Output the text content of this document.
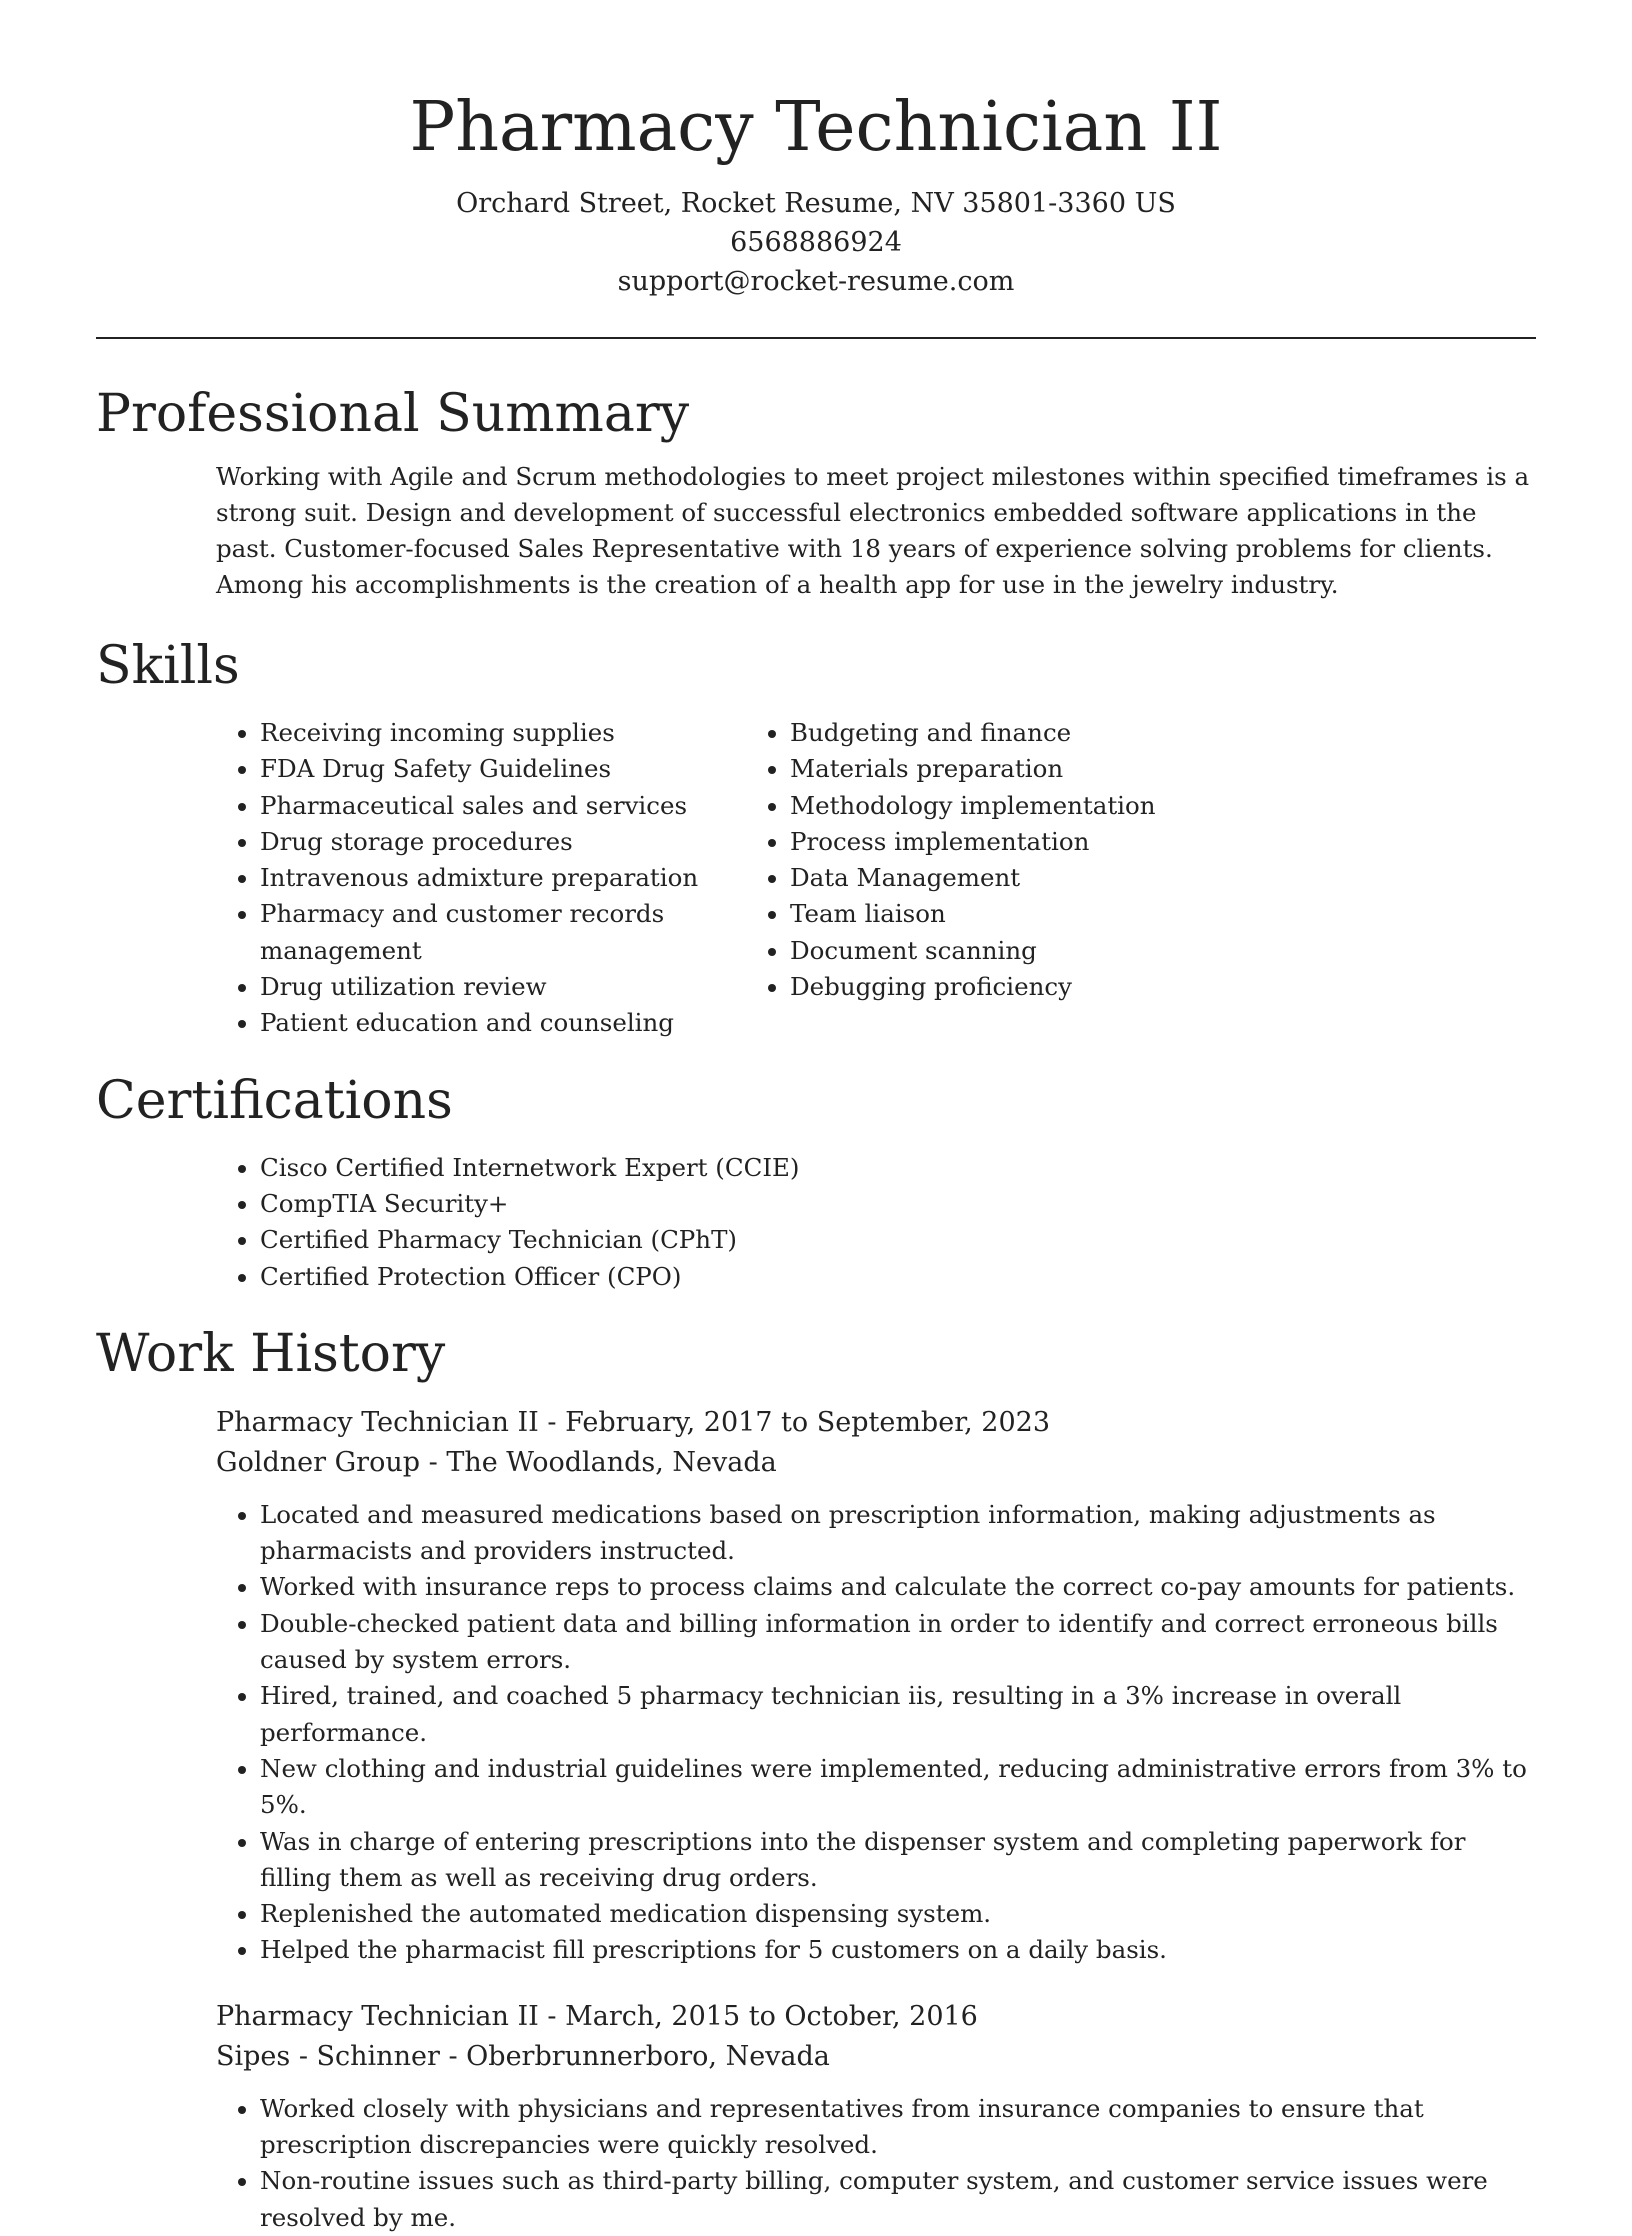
Pharmacy Technician II

Orchard Street, Rocket Resume, NV 35801-3360 US

6568886924

support@rocket-resume.com

Professional Summary

Working with Agile and Scrum methodologies to meet project milestones within specified timeframes is a strong suit. Design and development of successful electronics embedded software applications in the past. Customer-focused Sales Representative with 18 years of experience solving problems for clients. Among his accomplishments is the creation of a health app for use in the jewelry industry.

Skills
• Receiving incoming supplies
• FDA Drug Safety Guidelines
• Pharmaceutical sales and services
• Drug storage procedures
• Intravenous admixture preparation
• Pharmacy and customer records management
• Drug utilization review
• Patient education and counseling
• Budgeting and finance
• Materials preparation
• Methodology implementation
• Process implementation
• Data Management
• Team liaison
• Document scanning
• Debugging proficiency
Certifications
• Cisco Certified Internetwork Expert (CCIE)
• CompTIA Security+
• Certified Pharmacy Technician (CPhT)
• Certified Protection Officer (CPO)
Work History

Pharmacy Technician II - February, 2017 to September, 2023

Goldner Group - The Woodlands, Nevada

• Located and measured medications based on prescription information, making adjustments as pharmacists and providers instructed.
• Worked with insurance reps to process claims and calculate the correct co-pay amounts for patients.
• Double-checked patient data and billing information in order to identify and correct erroneous bills caused by system errors.
• Hired, trained, and coached 5 pharmacy technician iis, resulting in a 3% increase in overall performance.
• New clothing and industrial guidelines were implemented, reducing administrative errors from 3% to 5%.
• Was in charge of entering prescriptions into the dispenser system and completing paperwork for filling them as well as receiving drug orders.
• Replenished the automated medication dispensing system.
• Helped the pharmacist fill prescriptions for 5 customers on a daily basis.

Pharmacy Technician II - March, 2015 to October, 2016

Sipes - Schinner - Oberbrunnerboro, Nevada

• Worked closely with physicians and representatives from insurance companies to ensure that prescription discrepancies were quickly resolved.
• Non-routine issues such as third-party billing, computer system, and customer service issues were resolved by me.
